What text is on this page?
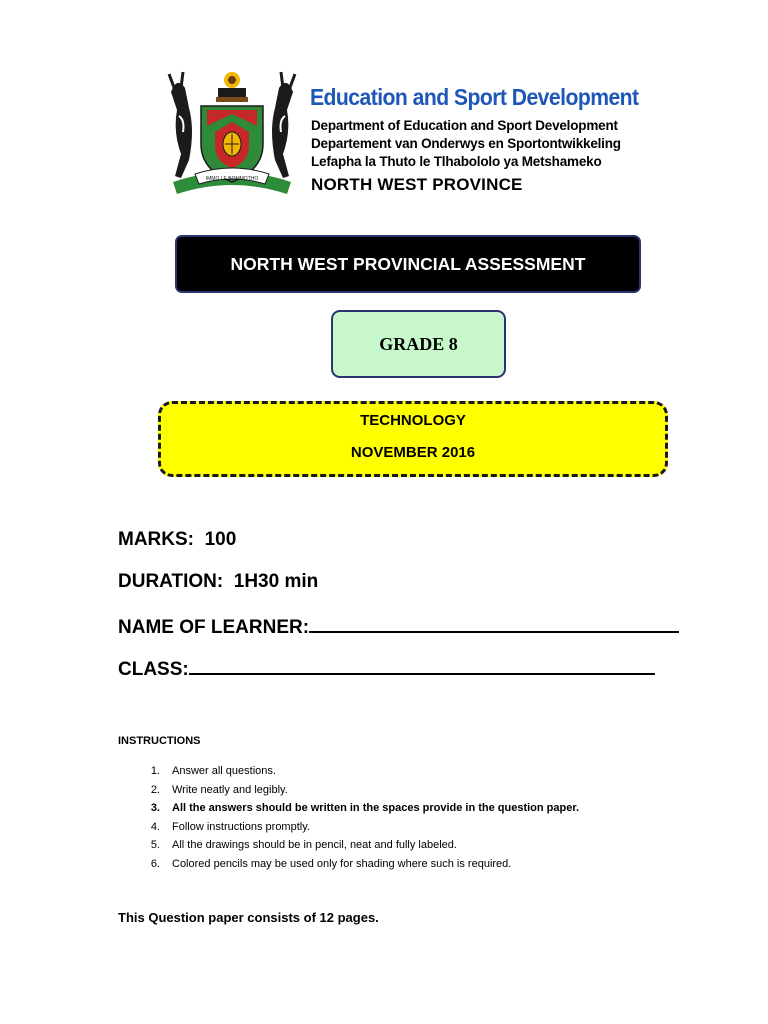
IMMO LE BOMMOTHO
Education and Sport Development
Department of Education and Sport Development
Departement van Onderwys en Sportontwikkeling
Lefapha la Thuto le Tlhabololo ya Metshameko
NORTH WEST PROVINCE
NORTH WEST PROVINCIAL ASSESSMENT
GRADE 8
TECHNOLOGY
NOVEMBER 2016
MARKS: 100
DURATION: 1H30 min
NAME OF LEARNER:
CLASS:
INSTRUCTIONS
1.	Answer all questions.
2.	Write neatly and legibly.
3.	All the answers should be written in the spaces provide in the question paper.
4.	Follow instructions promptly.
5.	All the drawings should be in pencil, neat and fully labeled.
6.	Colored pencils may be used only for shading where such is required.
This Question paper consists of 12 pages.
